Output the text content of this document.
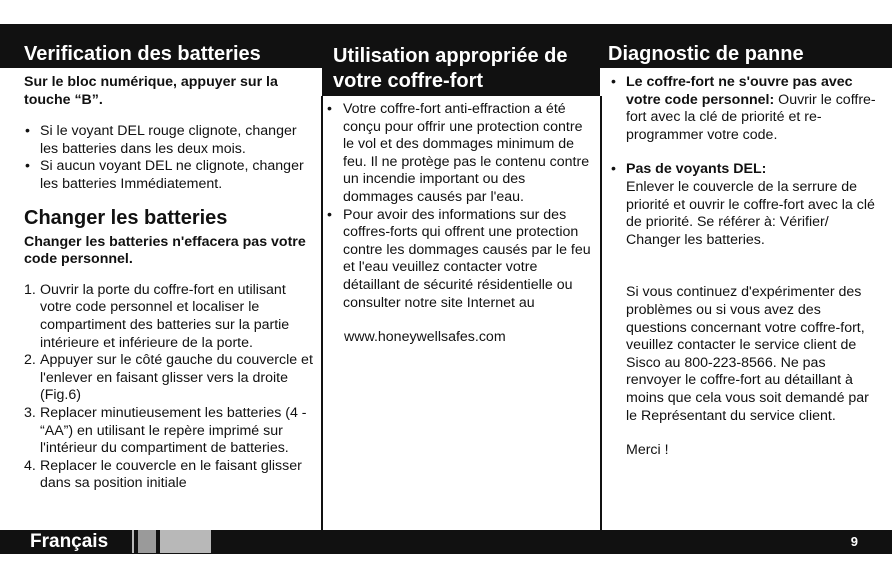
Verification des batteries	Utilisation appropriée de votre coffre-fort
Diagnostic de panne
Sur le bloc numérique, appuyer sur la touche “B”.
• Si le voyant DEL rouge clignote, changer les batteries dans les deux mois.
• Si aucun voyant DEL ne clignote, changer les batteries Immédiatement.
Changer les batteries
Changer les batteries n'effacera pas votre code personnel.
1. Ouvrir la porte du coffre-fort en utilisant votre code personnel et localiser le compartiment des batteries sur la partie intérieure et inférieure de la porte.
2. Appuyer sur le côté gauche du couvercle et l'enlever en faisant glisser vers la droite (Fig.6)
3. Replacer minutieusement les batteries (4 - “AA”) en utilisant le repère imprimé sur l'intérieur du compartiment de batteries.
4. Replacer le couvercle en le faisant glisser dans sa position initiale
• Votre coffre-fort anti-effraction a été conçu pour offrir une protection contre le vol et des dommages minimum de feu. Il ne protège pas le contenu contre un incendie important ou des dommages causés par l'eau.
• Pour avoir des informations sur des coffres-forts qui offrent une protection contre les dommages causés par le feu et l'eau veuillez contacter votre détaillant de sécurité résidentielle ou consulter notre site Internet au
www.honeywellsafes.com
• Le coffre-fort ne s'ouvre pas avec votre code personnel: Ouvrir le coffre-fort avec la clé de priorité et re-programmer votre code.
• Pas de voyants DEL:
Enlever le couvercle de la serrure de priorité et ouvrir le coffre-fort avec la clé de priorité. Se référer à: Vérifier/ Changer les batteries.
Si vous continuez d'expérimenter des problèmes ou si vous avez des questions concernant votre coffre-fort, veuillez contacter le service client de Sisco au 800-223-8566. Ne pas renvoyer le coffre-fort au détaillant à moins que cela vous soit demandé par le Représentant du service client.
Merci !
Français	9
